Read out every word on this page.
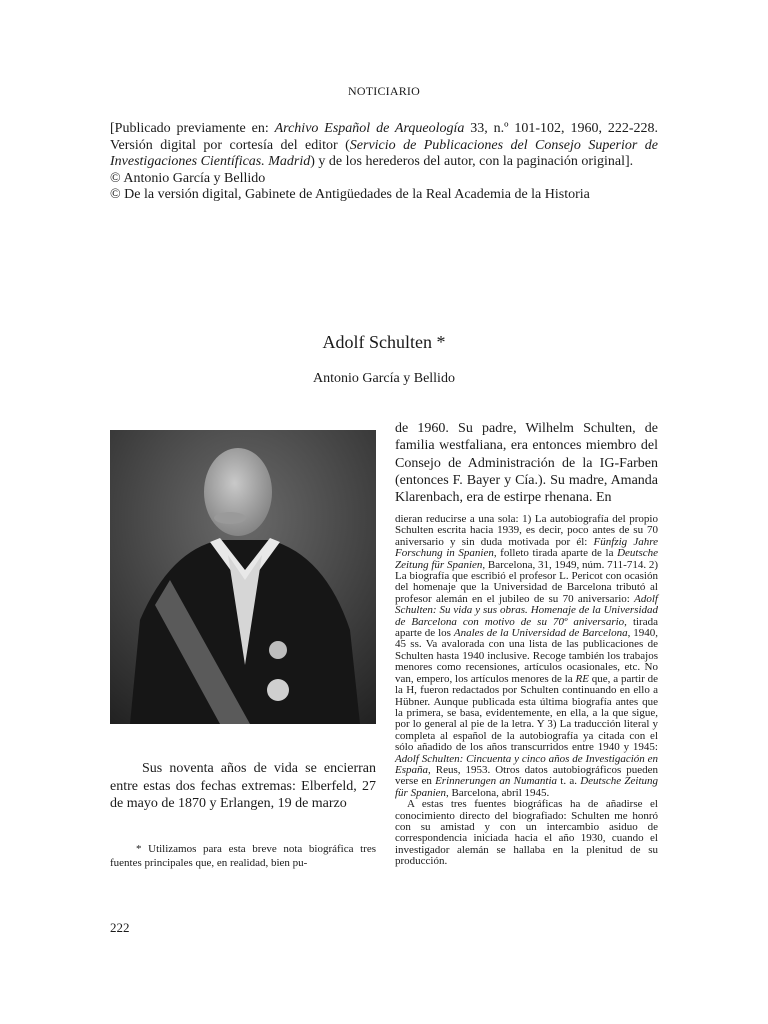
NOTICIARIO

[Publicado previamente en: Archivo Español de Arqueología 33, n.º 101-102, 1960, 222-228. Versión digital por cortesía del editor (Servicio de Publicaciones del Consejo Superior de Investigaciones Científicas. Madrid) y de los herederos del autor, con la paginación original].

© Antonio García y Bellido

© De la versión digital, Gabinete de Antigüedades de la Real Academia de la Historia

Adolf Schulten *
Antonio García y Bellido

Sus noventa años de vida se encierran entre estas dos fechas extremas: Elberfeld, 27 de mayo de 1870 y Erlangen, 19 de marzo

* Utilizamos para esta breve nota biográfica tres fuentes principales que, en realidad, bien pu-

de 1960. Su padre, Wilhelm Schulten, de familia westfaliana, era entonces miembro del Consejo de Administración de la IG-Farben (entonces F. Bayer y Cía.). Su madre, Amanda Klarenbach, era de estirpe rhenana. En

dieran reducirse a una sola: 1) La autobiografía del propio Schulten escrita hacia 1939, es decir, poco antes de su 70 aniversario y sin duda motivada por él: Fünfzig Jahre Forschung in Spanien, folleto tirada aparte de la Deutsche Zeitung für Spanien, Barcelona, 31, 1949, núm. 711-714. 2) La biografía que escribió el profesor L. Pericot con ocasión del homenaje que la Universidad de Barcelona tributó al profesor alemán en el jubileo de su 70 aniversario: Adolf Schulten: Su vida y sus obras. Homenaje de la Universidad de Barcelona con motivo de su 70º aniversario, tirada aparte de los Anales de la Universidad de Barcelona, 1940, 45 ss. Va avalorada con una lista de las publicaciones de Schulten hasta 1940 inclusive. Recoge también los trabajos menores como recensiones, artículos ocasionales, etc. No van, empero, los artículos menores de la RE que, a partir de la H, fueron redactados por Schulten continuando en ello a Hübner. Aunque publicada esta última biografía antes que la primera, se basa, evidentemente, en ella, a la que sigue, por lo general al pie de la letra. Y 3) La traducción literal y completa al español de la autobiografía ya citada con el sólo añadido de los años transcurridos entre 1940 y 1945: Adolf Schulten: Cincuenta y cinco años de Investigación en España, Reus, 1953. Otros datos autobiográficos pueden verse en Erinnerungen an Numantia t. a. Deutsche Zeitung für Spanien, Barcelona, abril 1945.

A estas tres fuentes biográficas ha de añadirse el conocimiento directo del biografiado: Schulten me honró con su amistad y con un intercambio asiduo de correspondencia iniciada hacia el año 1930, cuando el investigador alemán se hallaba en la plenitud de su producción.

222
